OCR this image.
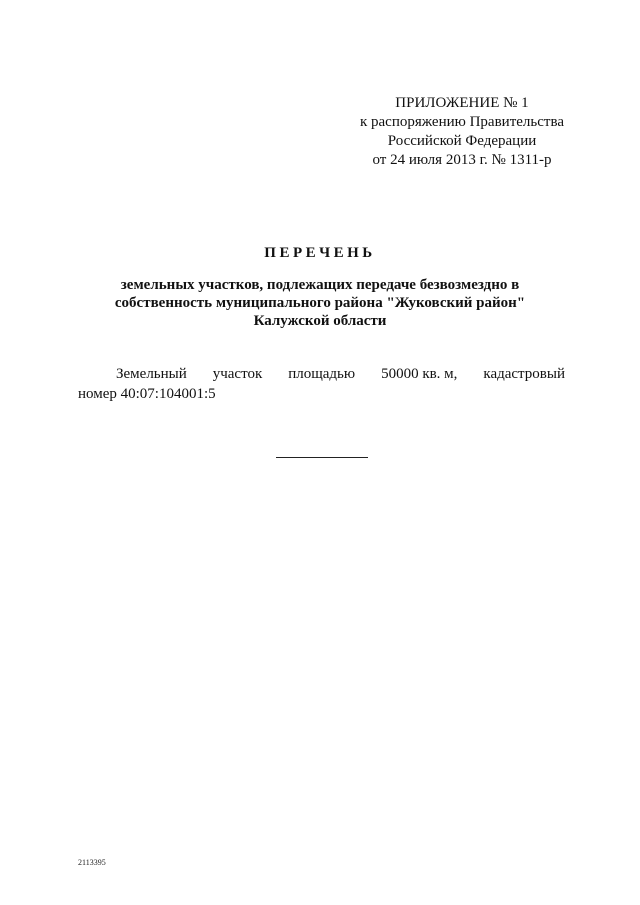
ПРИЛОЖЕНИЕ № 1
к распоряжению Правительства
Российской Федерации
от 24 июля 2013 г. № 1311-р
ПЕРЕЧЕНЬ
земельных участков, подлежащих передаче безвозмездно в
собственность муниципального района "Жуковский район"
Калужской области
Земельный участок площадью 50000 кв. м, кадастровый
номер 40:07:104001:5
2113395
